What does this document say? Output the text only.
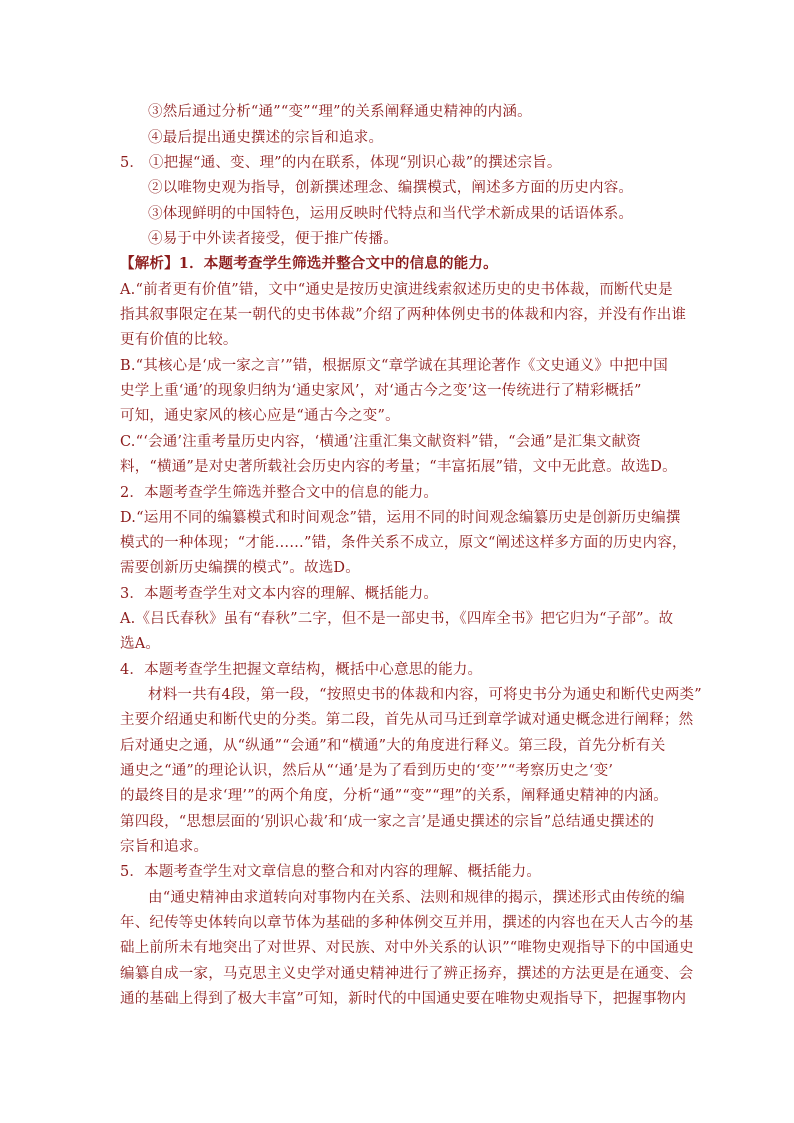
③然后通过分析“通”“变”“理”的关系阐释通史精神的内涵。
④最后提出通史撰述的宗旨和追求。
5． ①把握“通、变、理”的内在联系，体现“别识心裁”的撰述宗旨。
②以唯物史观为指导，创新撰述理念、编撰模式，阐述多方面的历史内容。
③体现鲜明的中国特色，运用反映时代特点和当代学术新成果的话语体系。
④易于中外读者接受，便于推广传播。
【解析】1．本题考查学生筛选并整合文中的信息的能力。
A.“前者更有价值”错，文中“通史是按历史演进线索叙述历史的史书体裁，而断代史是
指其叙事限定在某一朝代的史书体裁”介绍了两种体例史书的体裁和内容，并没有作出谁
更有价值的比较。
B.“其核心是‘成一家之言’”错，根据原文“章学诚在其理论著作《文史通义》中把中国
史学上重‘通’的现象归纳为‘通史家风’，对‘通古今之变’这一传统进行了精彩概括”
可知，通史家风的核心应是“通古今之变”。
C.“‘会通’注重考量历史内容，‘横通’注重汇集文献资料”错，“会通”是汇集文献资
料，“横通”是对史著所载社会历史内容的考量；“丰富拓展”错，文中无此意。故选D。
2．本题考查学生筛选并整合文中的信息的能力。
D.“运用不同的编纂模式和时间观念”错，运用不同的时间观念编纂历史是创新历史编撰
模式的一种体现；“才能……”错，条件关系不成立，原文“阐述这样多方面的历史内容，
需要创新历史编撰的模式”。故选D。
3．本题考查学生对文本内容的理解、概括能力。
A.《吕氏春秋》虽有“春秋”二字，但不是一部史书，《四库全书》把它归为“子部”。故
选A。
4．本题考查学生把握文章结构，概括中心意思的能力。
材料一共有4段，第一段，“按照史书的体裁和内容，可将史书分为通史和断代史两类”
主要介绍通史和断代史的分类。第二段，首先从司马迁到章学诚对通史概念进行阐释；然
后对通史之通，从“纵通”“会通”和“横通”大的角度进行释义。第三段，首先分析有关
通史之“通”的理论认识，然后从“‘通’是为了看到历史的‘变’”“考察历史之‘变’
的最终目的是求‘理’”的两个角度，分析“通”“变”“理”的关系，阐释通史精神的内涵。
第四段，“思想层面的‘别识心裁’和‘成一家之言’是通史撰述的宗旨”总结通史撰述的
宗旨和追求。
5．本题考查学生对文章信息的整合和对内容的理解、概括能力。
由“通史精神由求道转向对事物内在关系、法则和规律的揭示，撰述形式由传统的编
年、纪传等史体转向以章节体为基础的多种体例交互并用，撰述的内容也在天人古今的基
础上前所未有地突出了对世界、对民族、对中外关系的认识”“唯物史观指导下的中国通史
编纂自成一家，马克思主义史学对通史精神进行了辨正扬弃，撰述的方法更是在通变、会
通的基础上得到了极大丰富”可知，新时代的中国通史要在唯物史观指导下，把握事物内
